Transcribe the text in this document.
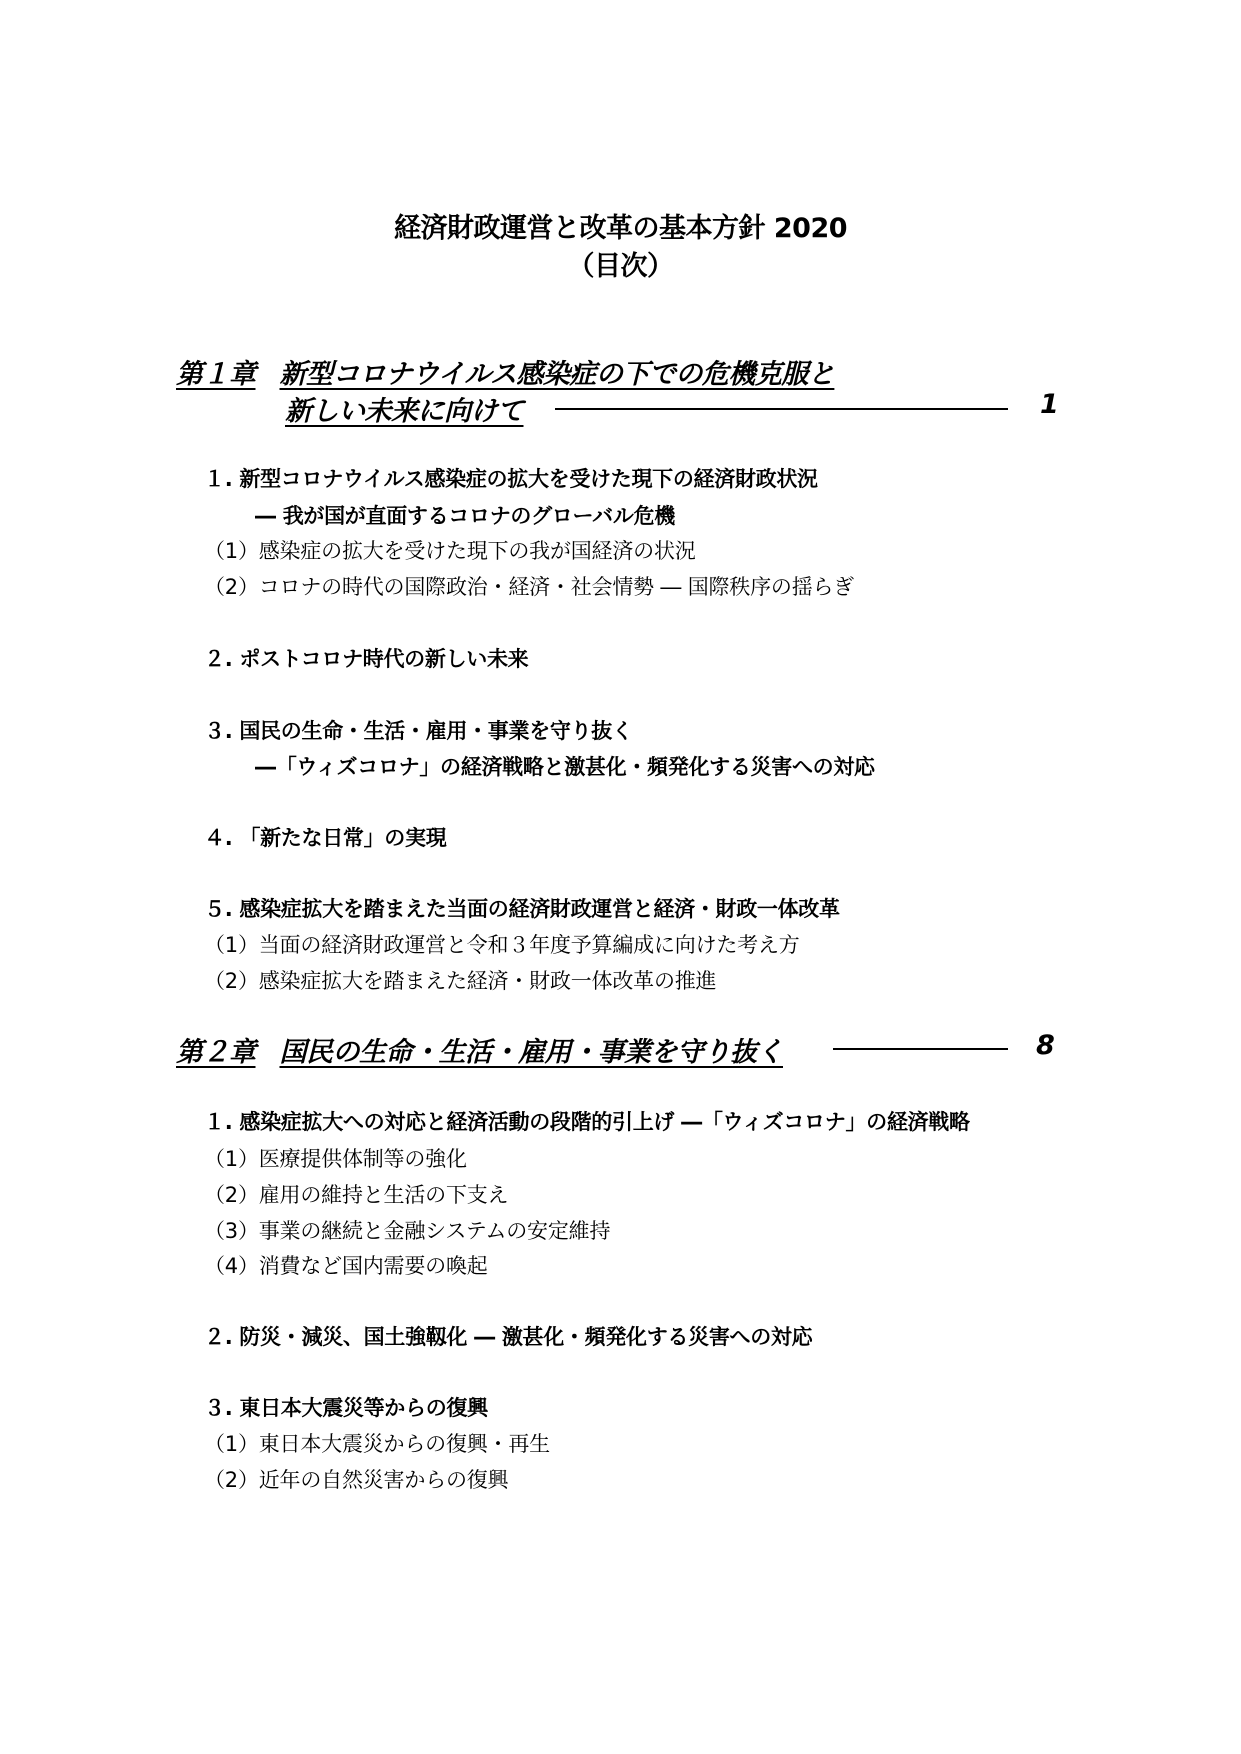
経済財政運営と改革の基本方針 2020
（目次）
第１章 新型コロナウイルス感染症の下での危機克服と
新しい未来に向けて	1
１. 新型コロナウイルス感染症の拡大を受けた現下の経済財政状況
― 我が国が直面するコロナのグローバル危機
（1）感染症の拡大を受けた現下の我が国経済の状況
（2）コロナの時代の国際政治・経済・社会情勢 ― 国際秩序の揺らぎ
２. ポストコロナ時代の新しい未来
３. 国民の生命・生活・雇用・事業を守り抜く
―「ウィズコロナ」の経済戦略と激甚化・頻発化する災害への対応
４. 「新たな日常」の実現
５. 感染症拡大を踏まえた当面の経済財政運営と経済・財政一体改革
（1）当面の経済財政運営と令和３年度予算編成に向けた考え方
（2）感染症拡大を踏まえた経済・財政一体改革の推進
第２章 国民の生命・生活・雇用・事業を守り抜く	8
１. 感染症拡大への対応と経済活動の段階的引上げ ―「ウィズコロナ」の経済戦略
（1）医療提供体制等の強化
（2）雇用の維持と生活の下支え
（3）事業の継続と金融システムの安定維持
（4）消費など国内需要の喚起
２. 防災・減災、国土強靱化 ― 激甚化・頻発化する災害への対応
３. 東日本大震災等からの復興
（1）東日本大震災からの復興・再生
（2）近年の自然災害からの復興
